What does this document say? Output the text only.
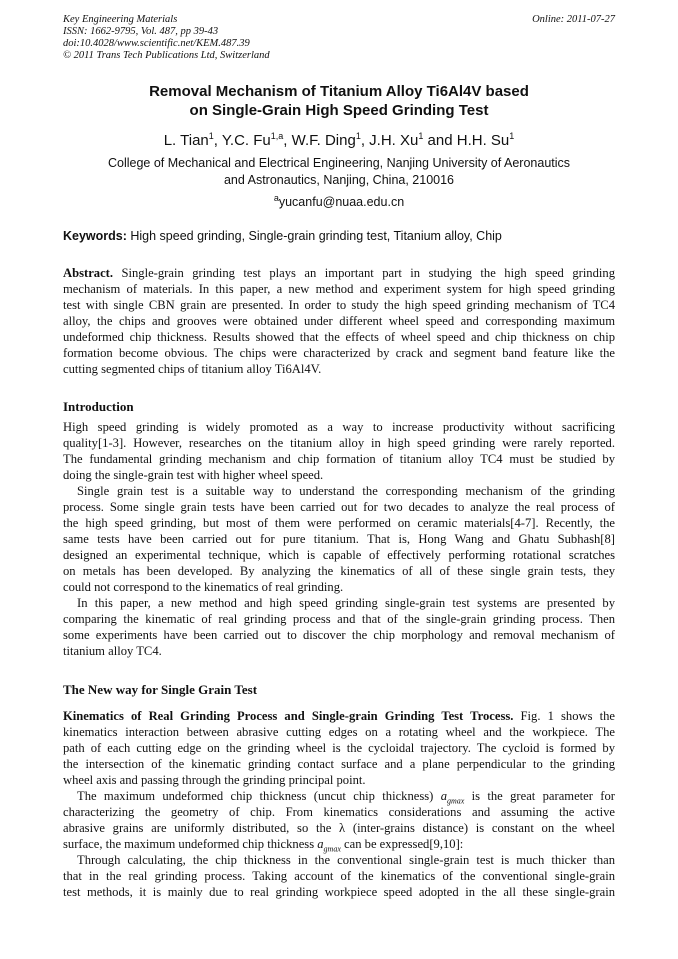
Key Engineering Materials
ISSN: 1662-9795, Vol. 487, pp 39-43
doi:10.4028/www.scientific.net/KEM.487.39
© 2011 Trans Tech Publications Ltd, Switzerland
Online: 2011-07-27
Removal Mechanism of Titanium Alloy Ti6Al4V based
on Single-Grain High Speed Grinding Test
L. Tian$^1$, Y.C. Fu$^{1,a}$, W.F. Ding$^1$, J.H. Xu$^1$ and H.H. Su$^1$
College of Mechanical and Electrical Engineering, Nanjing University of Aeronautics
and Astronautics, Nanjing, China, 210016
$^a$yucanfu@nuaa.edu.cn
Keywords: High speed grinding, Single-grain grinding test, Titanium alloy, Chip
Introduction
The New way for Single Grain Test
Abstract. Single-grain grinding test plays an important part in studying the high speed grinding
mechanism of materials. In this paper, a new method and experiment system for high speed grinding
test with single CBN grain are presented. In order to study the high speed grinding mechanism of TC4
alloy, the chips and grooves were obtained under different wheel speed and corresponding maximum
undeformed chip thickness. Results showed that the effects of wheel speed and chip thickness on chip
formation become obvious. The chips were characterized by crack and segment band feature like the
cutting segmented chips of titanium alloy Ti6Al4V.
High speed grinding is widely promoted as a way to increase productivity without sacrificing
quality[1-3]. However, researches on the titanium alloy in high speed grinding were rarely reported.
The fundamental grinding mechanism and chip formation of titanium alloy TC4 must be studied by
doing the single-grain test with higher wheel speed.
Single grain test is a suitable way to understand the corresponding mechanism of the grinding
process. Some single grain tests have been carried out for two decades to analyze the real process of
the high speed grinding, but most of them were performed on ceramic materials[4-7]. Recently, the
same tests have been carried out for pure titanium. That is, Hong Wang and Ghatu Subhash[8]
designed an experimental technique, which is capable of effectively performing rotational scratches
on metals has been developed. By analyzing the kinematics of all of these single grain tests, they
could not correspond to the kinematics of real grinding.
In this paper, a new method and high speed grinding single-grain test systems are presented by
comparing the kinematic of real grinding process and that of the single-grain grinding process. Then
some experiments have been carried out to discover the chip morphology and removal mechanism of
titanium alloy TC4.
Kinematics of Real Grinding Process and Single-grain Grinding Test Trocess. Fig. 1 shows the
kinematics interaction between abrasive cutting edges on a rotating wheel and the workpiece. The
path of each cutting edge on the grinding wheel is the cycloidal trajectory. The cycloid is formed by
the intersection of the kinematic grinding contact surface and a plane perpendicular to the grinding
wheel axis and passing through the grinding principal point.
The maximum undeformed chip thickness (uncut chip thickness) $a_{gmax}$ is the great parameter for
characterizing the geometry of chip. From kinematics considerations and assuming the active
abrasive grains are uniformly distributed, so the λ (inter-grains distance) is constant on the wheel
surface, the maximum undeformed chip thickness $a_{gmax}$ can be expressed[9,10]:
Through calculating, the chip thickness in the conventional single-grain test is much thicker than
that in the real grinding process. Taking account of the kinematics of the conventional single-grain
test methods, it is mainly due to real grinding workpiece speed adopted in the all these single-grain
